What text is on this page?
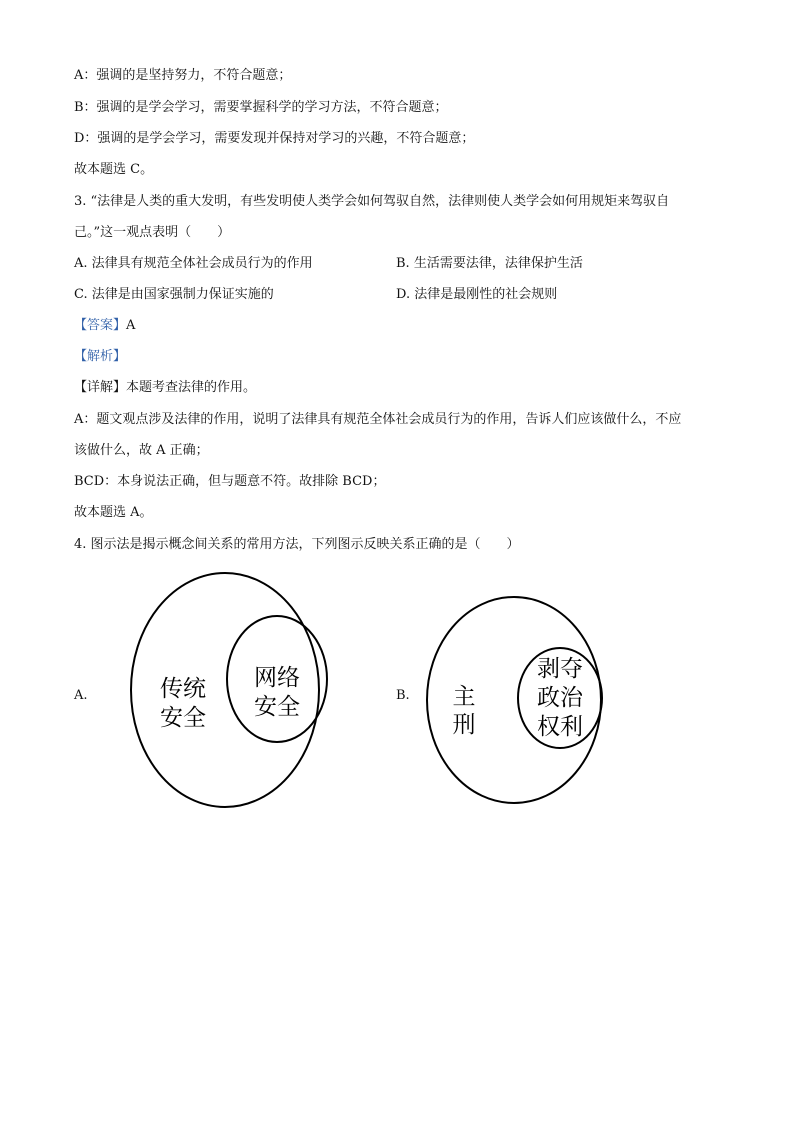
A：强调的是坚持努力，不符合题意；
B：强调的是学会学习，需要掌握科学的学习方法，不符合题意；
D：强调的是学会学习，需要发现并保持对学习的兴趣，不符合题意；
故本题选 C。
3. “法律是人类的重大发明，有些发明使人类学会如何驾驭自然，法律则使人类学会如何用规矩来驾驭自
己。”这一观点表明（　　）
A. 法律具有规范全体社会成员行为的作用	B. 生活需要法律，法律保护生活
C. 法律是由国家强制力保证实施的	D. 法律是最刚性的社会规则
【答案】A
【解析】
【详解】本题考查法律的作用。
A：题文观点涉及法律的作用，说明了法律具有规范全体社会成员行为的作用，告诉人们应该做什么，不应
该做什么，故 A 正确；
BCD：本身说法正确，但与题意不符。故排除 BCD；
故本题选 A。
4. 图示法是揭示概念间关系的常用方法，下列图示反映关系正确的是（　　）
A.	传统
安全
网络
安全	B. 主
刑
剥夺
政治
权利
